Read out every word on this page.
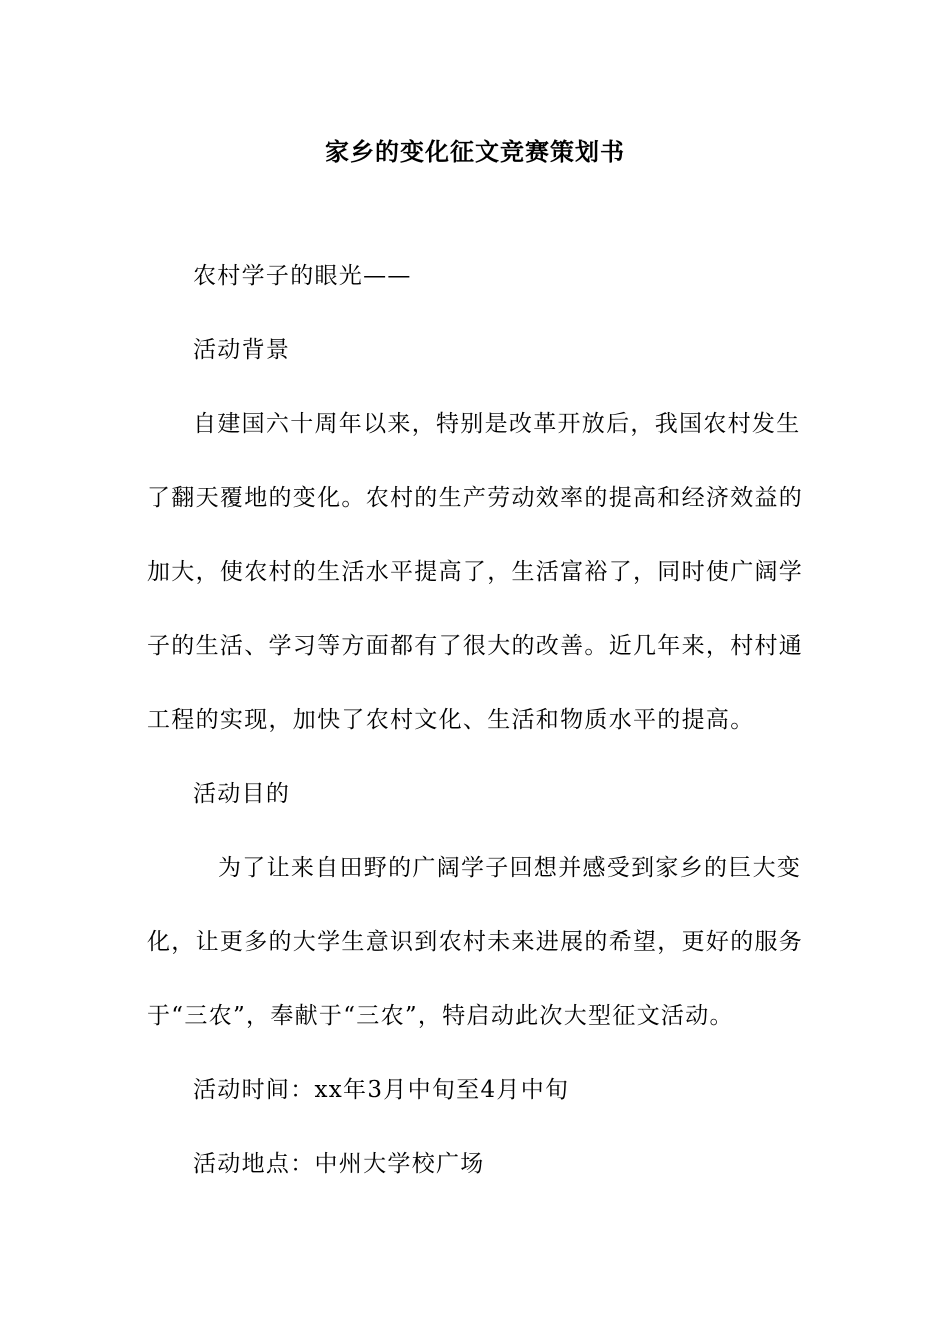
家乡的变化征文竞赛策划书
农村学子的眼光——
活动背景
自建国六十周年以来，特别是改革开放后，我国农村发生
了翻天覆地的变化。农村的生产劳动效率的提高和经济效益的
加大，使农村的生活水平提高了，生活富裕了，同时使广阔学
子的生活、学习等方面都有了很大的改善。近几年来，村村通
工程的实现，加快了农村文化、生活和物质水平的提高。
活动目的
为了让来自田野的广阔学子回想并感受到家乡的巨大变
化，让更多的大学生意识到农村未来进展的希望，更好的服务
于“三农”，奉献于“三农”，特启动此次大型征文活动。
活动时间：xx年3月中旬至4月中旬
活动地点：中州大学校广场
